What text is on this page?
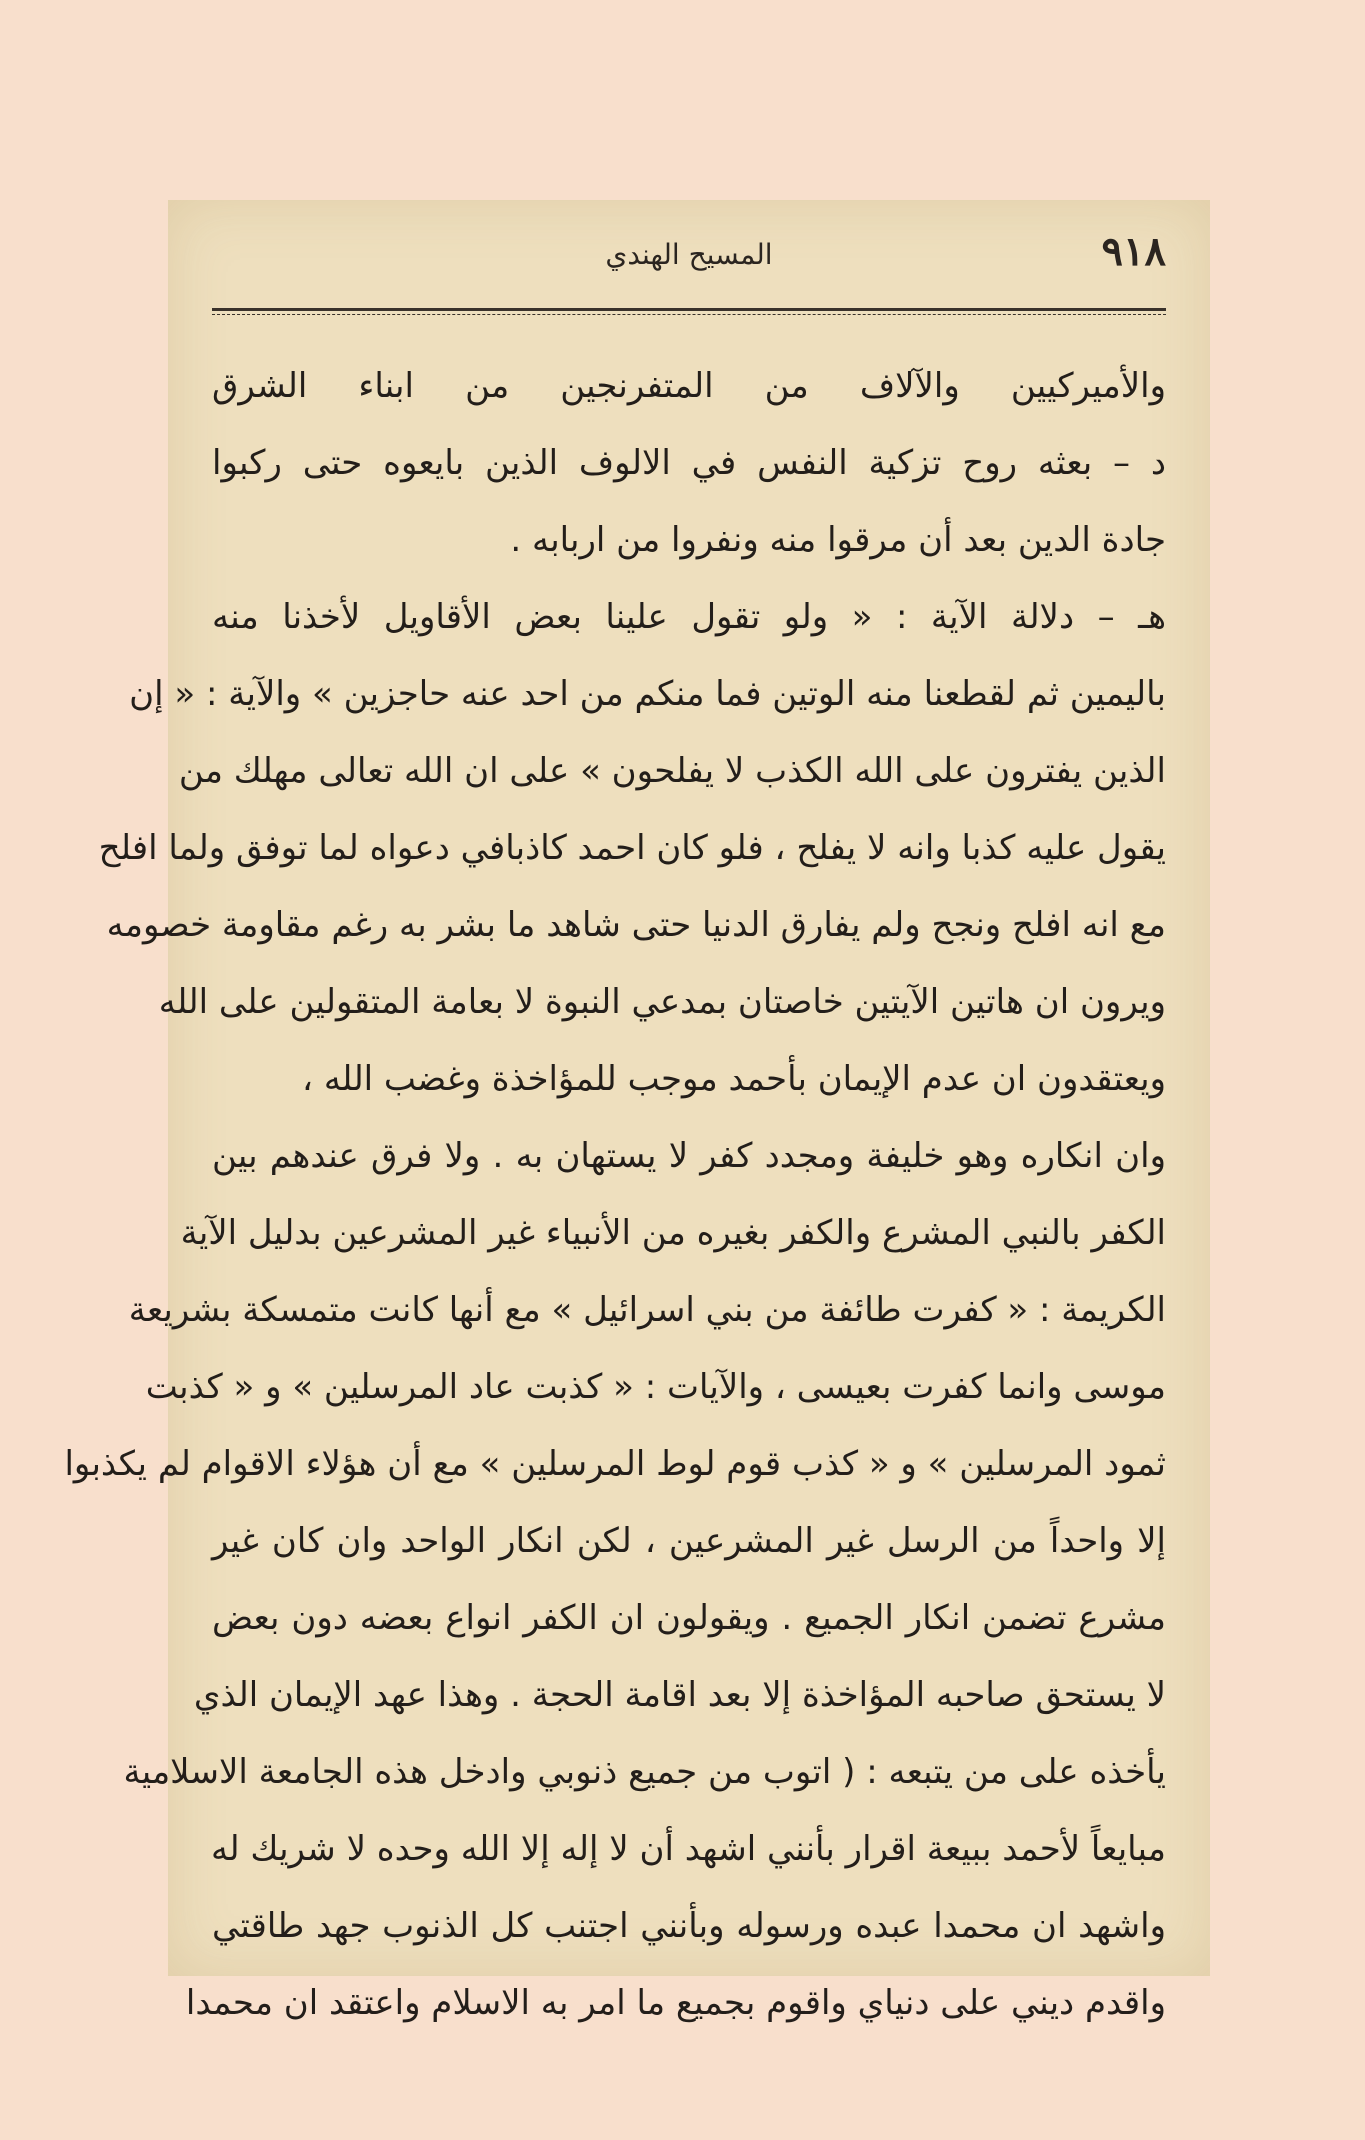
٩١٨
المسيح الهندي
والأميركيين والآلاف من المتفرنجين من ابناء الشرق
د – بعثه روح تزكية النفس في الالوف الذين بايعوه حتى ركبوا
جادة الدين بعد أن مرقوا منه ونفروا من اربابه .
هـ – دلالة الآية : « ولو تقول علينا بعض الأقاويل لأخذنا منه
باليمين ثم لقطعنا منه الوتين فما منكم من احد عنه حاجزين » والآية : « إن
الذين يفترون على الله الكذب لا يفلحون » على ان الله تعالى مهلك من
يقول عليه كذبا وانه لا يفلح ، فلو كان احمد كاذبافي دعواه لما توفق ولما افلح
مع انه افلح ونجح ولم يفارق الدنيا حتى شاهد ما بشر به رغم مقاومة خصومه
ويرون ان هاتين الآيتين خاصتان بمدعي النبوة لا بعامة المتقولين على الله
ويعتقدون ان عدم الإيمان بأحمد موجب للمؤاخذة وغضب الله ،
وان انكاره وهو خليفة ومجدد كفر لا يستهان به . ولا فرق عندهم بين
الكفر بالنبي المشرع والكفر بغيره من الأنبياء غير المشرعين بدليل الآية
الكريمة : « كفرت طائفة من بني اسرائيل » مع أنها كانت متمسكة بشريعة
موسى وانما كفرت بعيسى ، والآيات : « كذبت عاد المرسلين » و « كذبت
ثمود المرسلين » و « كذب قوم لوط المرسلين » مع أن هؤلاء الاقوام لم يكذبوا
إلا واحداً من الرسل غير المشرعين ، لكن انكار الواحد وان كان غير
مشرع تضمن انكار الجميع . ويقولون ان الكفر انواع بعضه دون بعض
لا يستحق صاحبه المؤاخذة إلا بعد اقامة الحجة . وهذا عهد الإيمان الذي
يأخذه على من يتبعه : ( اتوب من جميع ذنوبي وادخل هذه الجامعة الاسلامية
مبايعاً لأحمد ببيعة اقرار بأنني اشهد أن لا إله إلا الله وحده لا شريك له
واشهد ان محمدا عبده ورسوله وبأنني اجتنب كل الذنوب جهد طاقتي
واقدم ديني على دنياي واقوم بجميع ما امر به الاسلام واعتقد ان محمدا
